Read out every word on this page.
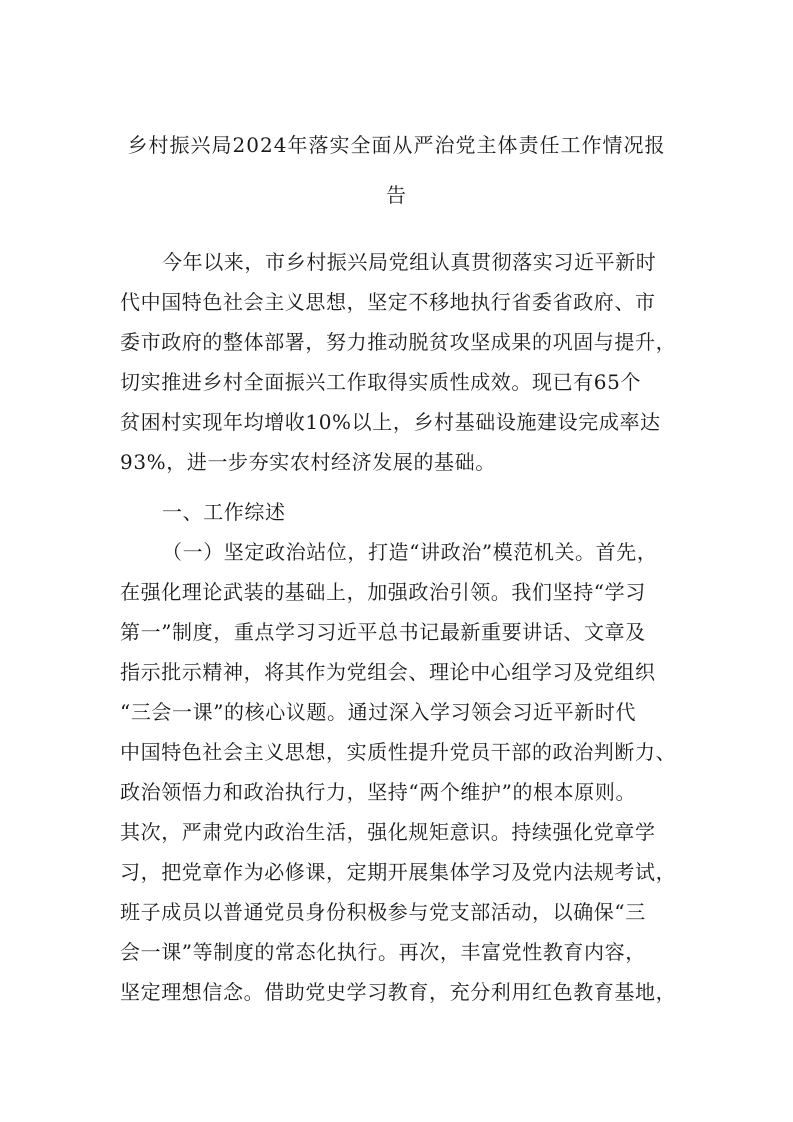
乡村振兴局2024年落实全面从严治党主体责任工作情况报
告

今年以来，市乡村振兴局党组认真贯彻落实习近平新时

代中国特色社会主义思想，坚定不移地执行省委省政府、市

委市政府的整体部署，努力推动脱贫攻坚成果的巩固与提升，

切实推进乡村全面振兴工作取得实质性成效。现已有65个

贫困村实现年均增收10%以上，乡村基础设施建设完成率达

93%，进一步夯实农村经济发展的基础。

一、工作综述

（一）坚定政治站位，打造“讲政治”模范机关。首先，

在强化理论武装的基础上，加强政治引领。我们坚持“学习

第一”制度，重点学习习近平总书记最新重要讲话、文章及

指示批示精神，将其作为党组会、理论中心组学习及党组织

“三会一课”的核心议题。通过深入学习领会习近平新时代

中国特色社会主义思想，实质性提升党员干部的政治判断力、

政治领悟力和政治执行力，坚持“两个维护”的根本原则。

其次，严肃党内政治生活，强化规矩意识。持续强化党章学

习，把党章作为必修课，定期开展集体学习及党内法规考试，

班子成员以普通党员身份积极参与党支部活动，以确保“三

会一课”等制度的常态化执行。再次，丰富党性教育内容，

坚定理想信念。借助党史学习教育，充分利用红色教育基地，
